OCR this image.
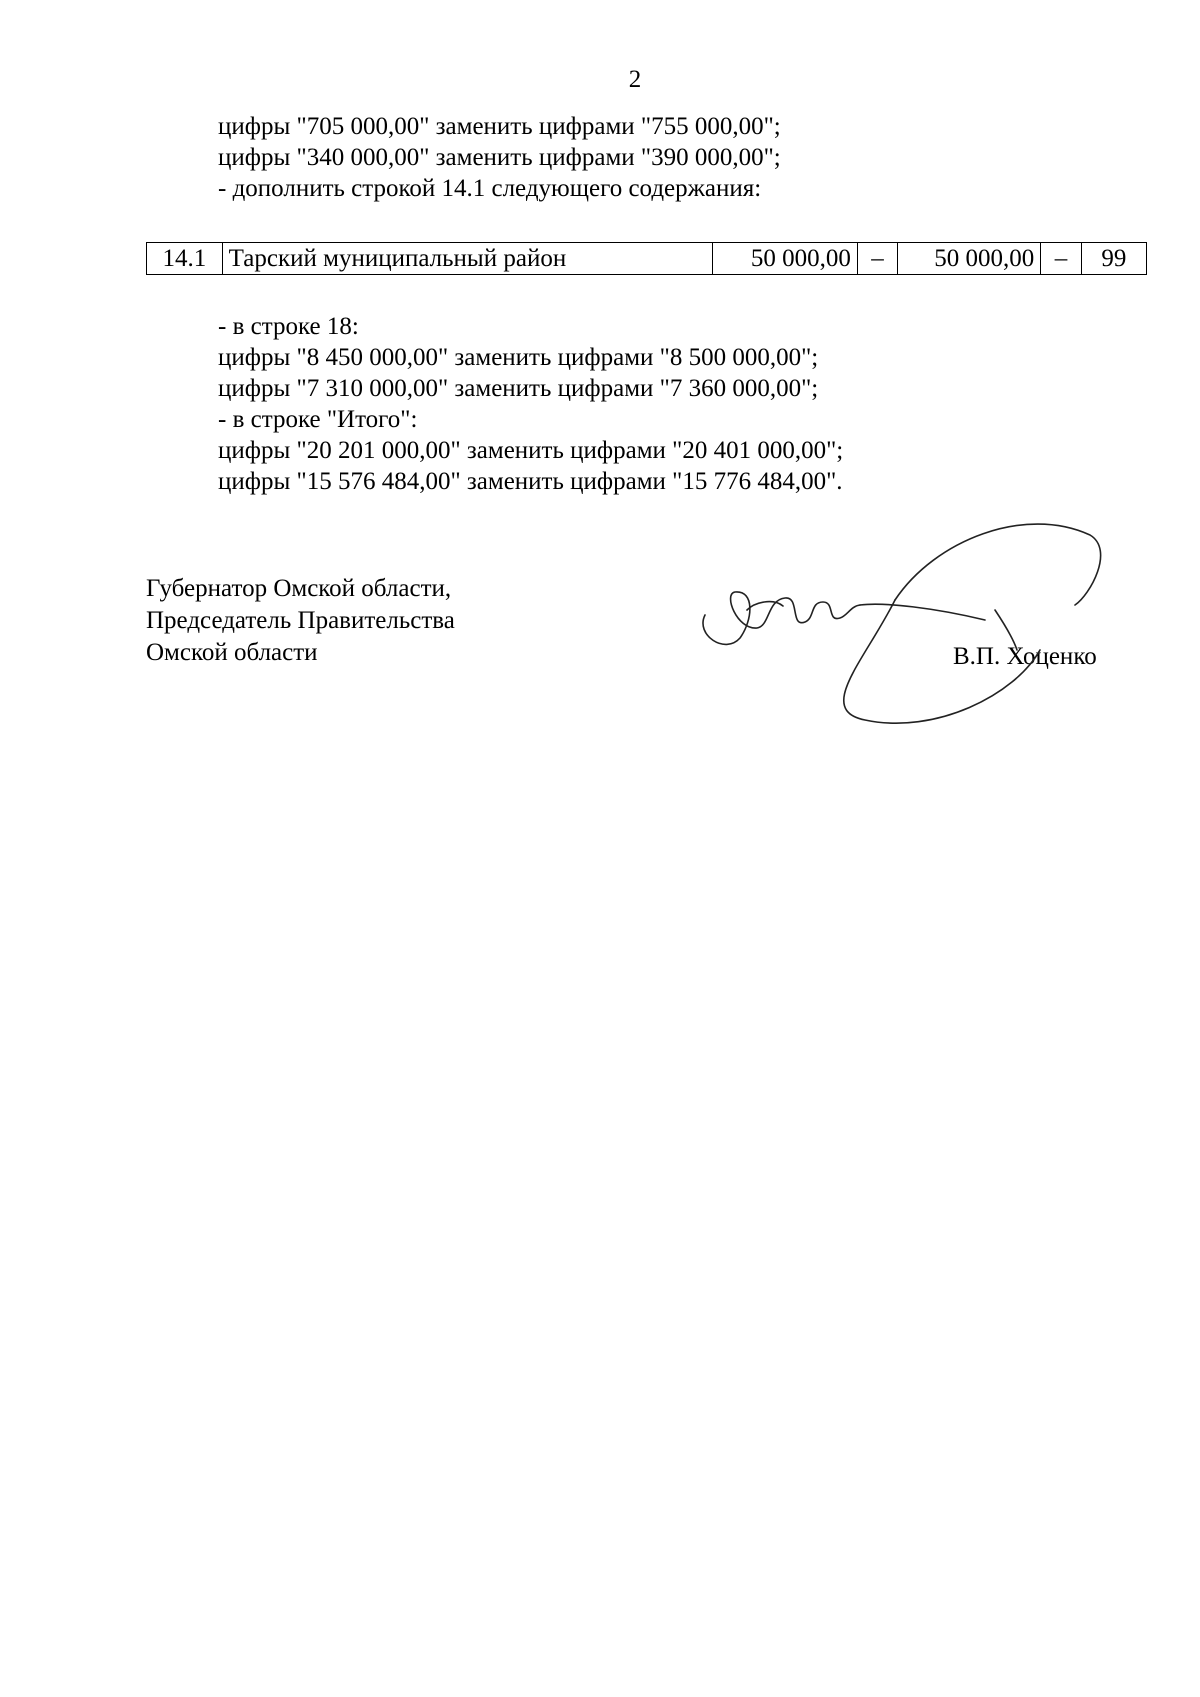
2
цифры "705 000,00" заменить цифрами "755 000,00";
цифры "340 000,00" заменить цифрами "390 000,00";
- дополнить строкой 14.1 следующего содержания:
14.1	Тарский муниципальный район	50 000,00	–	50 000,00	–	99
- в строке 18:
цифры "8 450 000,00" заменить цифрами "8 500 000,00";
цифры "7 310 000,00" заменить цифрами "7 360 000,00";
- в строке "Итого":
цифры "20 201 000,00" заменить цифрами "20 401 000,00";
цифры "15 576 484,00" заменить цифрами "15 776 484,00".
Губернатор Омской области,
Председатель Правительства
Омской области	В.П. Хоценко
